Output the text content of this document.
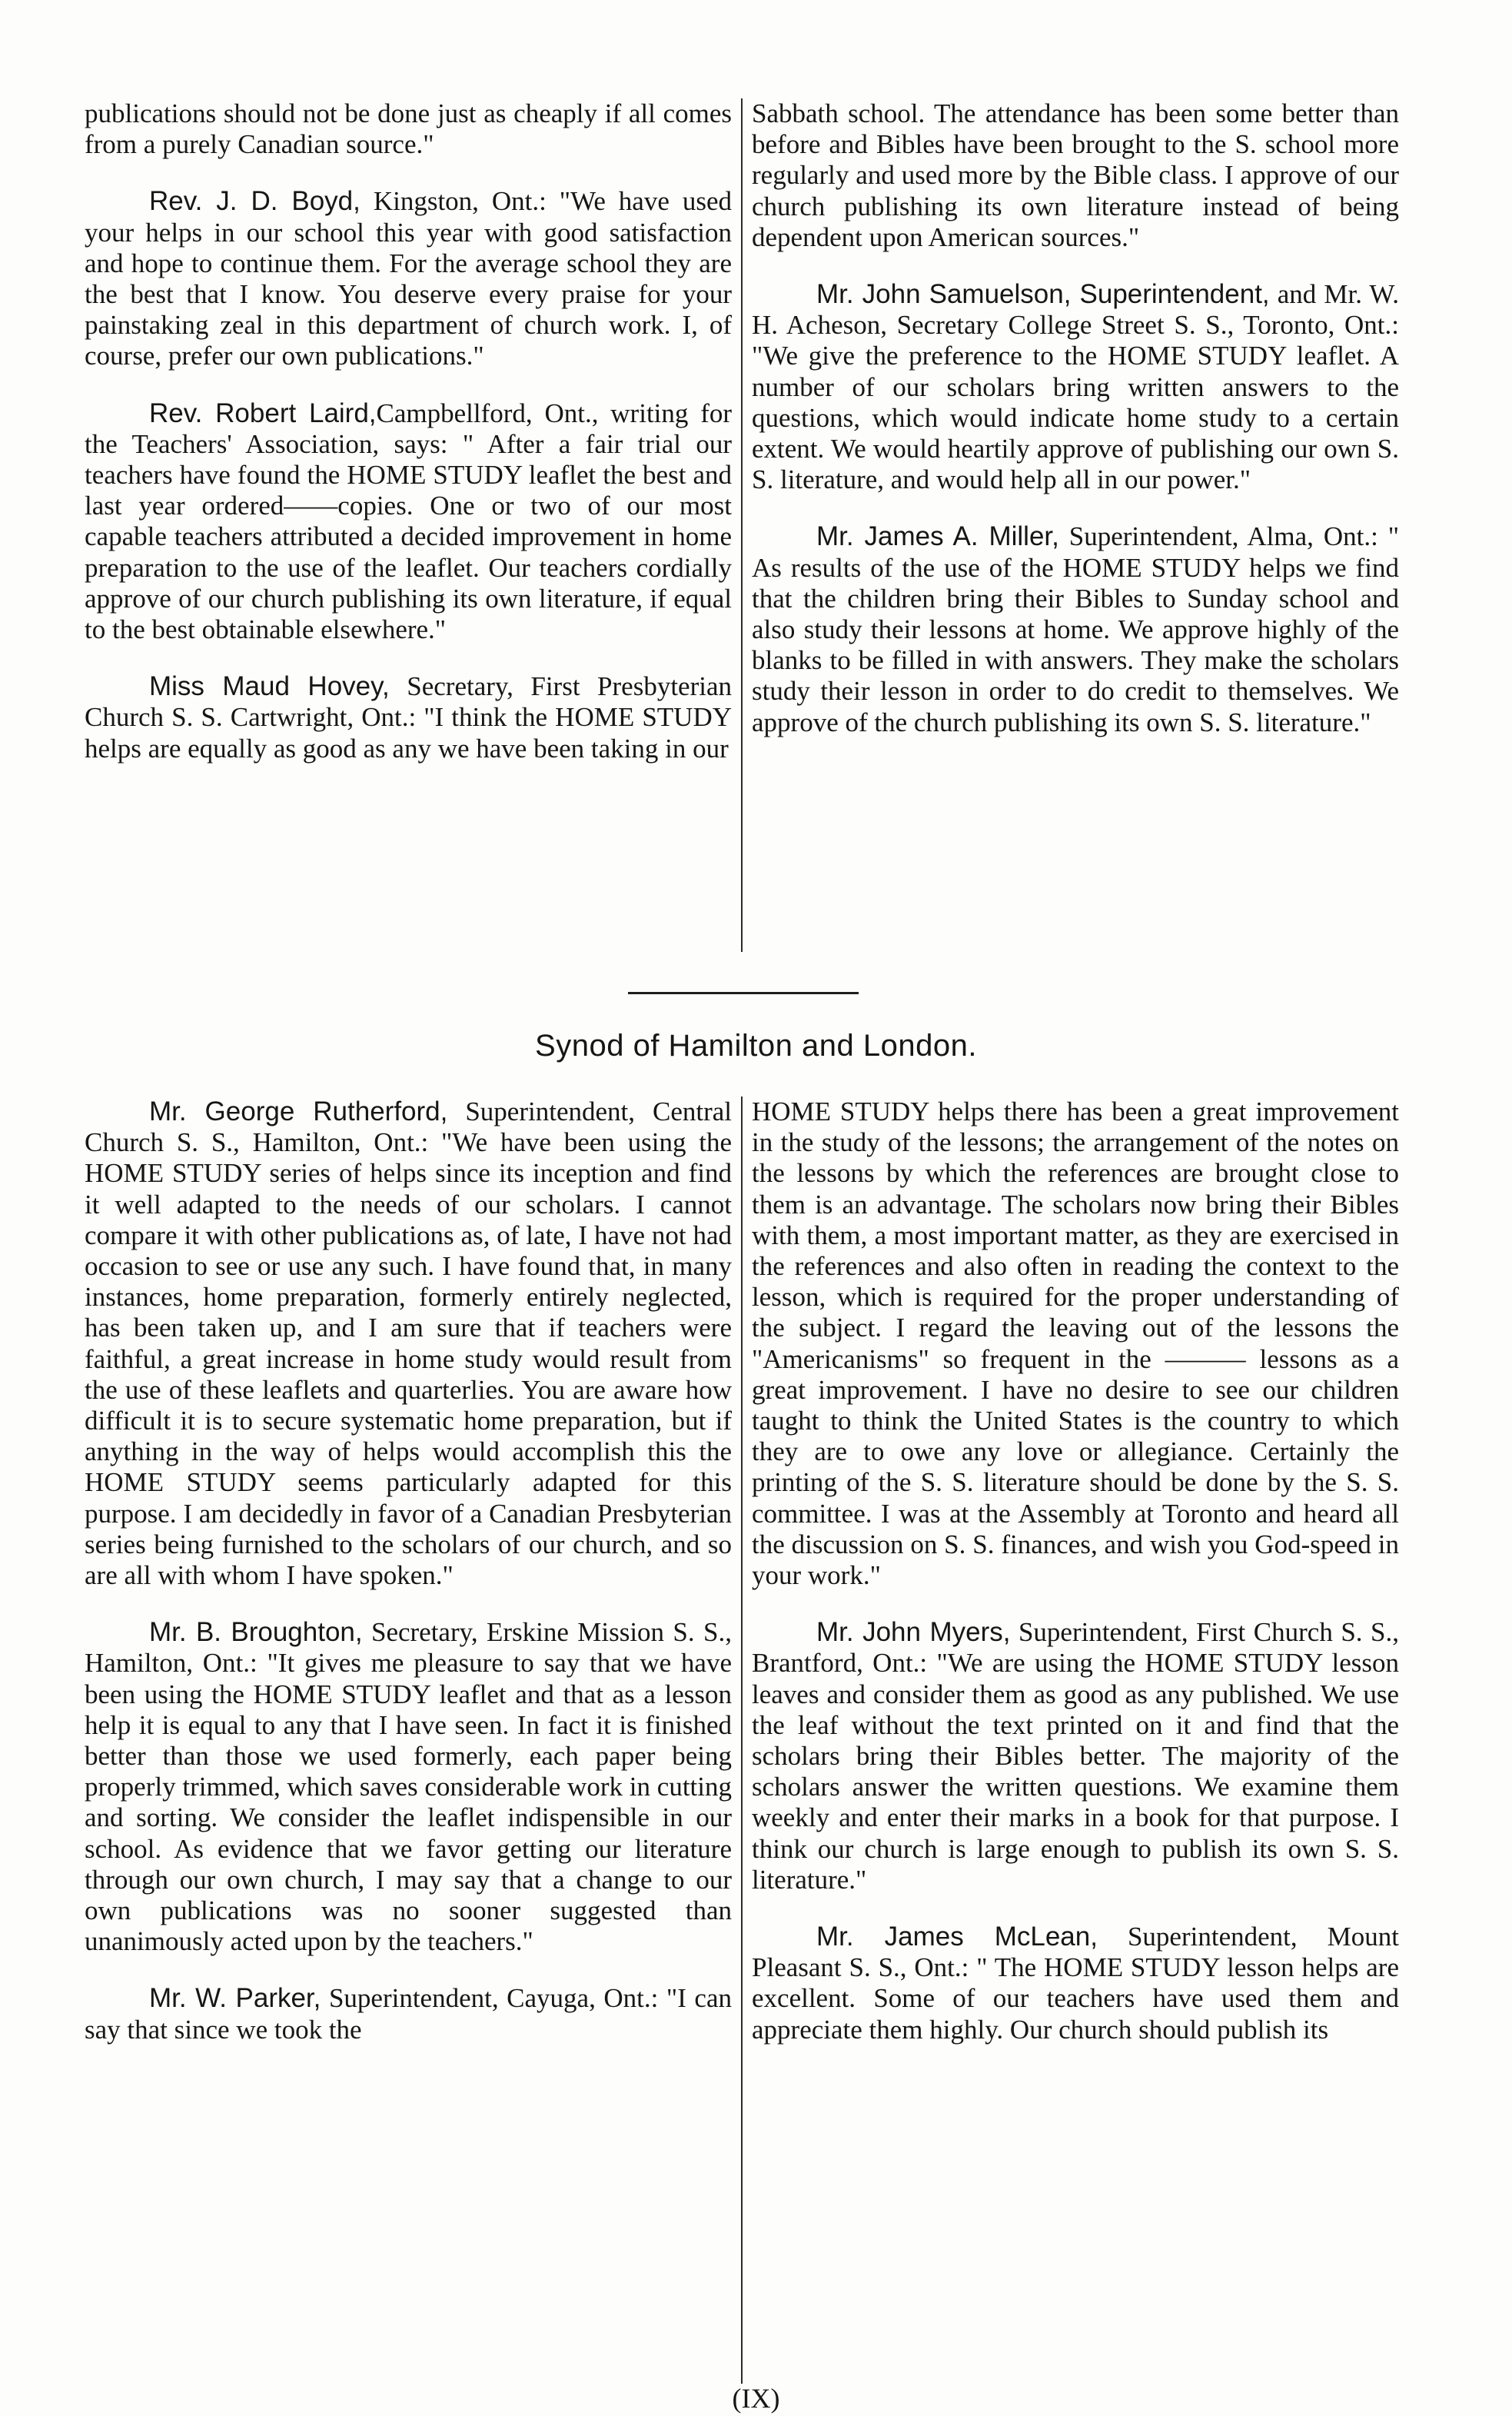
publications should not be done just as cheaply if all comes from a purely Canadian source."

Rev. J. D. Boyd, Kingston, Ont.: "We have used your helps in our school this year with good satisfaction and hope to continue them. For the average school they are the best that I know. You deserve every praise for your painstaking zeal in this department of church work. I, of course, prefer our own publications."

Rev. Robert Laird,Campbellford, Ont., writing for the Teachers' Association, says: " After a fair trial our teachers have found the HOME STUDY leaflet the best and last year ordered——copies. One or two of our most capable teachers attributed a decided improvement in home preparation to the use of the leaflet. Our teachers cordially approve of our church publishing its own literature, if equal to the best obtainable elsewhere."

Miss Maud Hovey, Secretary, First Presbyterian Church S. S. Cartwright, Ont.: "I think the HOME STUDY helps are equally as good as any we have been taking in our

Sabbath school. The attendance has been some better than before and Bibles have been brought to the S. school more regularly and used more by the Bible class. I approve of our church publishing its own literature instead of being dependent upon American sources."

Mr. John Samuelson, Superintendent, and Mr. W. H. Acheson, Secretary College Street S. S., Toronto, Ont.: "We give the preference to the HOME STUDY leaflet. A number of our scholars bring written answers to the questions, which would indicate home study to a certain extent. We would heartily approve of publishing our own S. S. literature, and would help all in our power."

Mr. James A. Miller, Superintendent, Alma, Ont.: " As results of the use of the HOME STUDY helps we find that the children bring their Bibles to Sunday school and also study their lessons at home. We approve highly of the blanks to be filled in with answers. They make the scholars study their lesson in order to do credit to themselves. We approve of the church publishing its own S. S. literature."

Synod of Hamilton and London.

Mr. George Rutherford, Superintendent, Central Church S. S., Hamilton, Ont.: "We have been using the HOME STUDY series of helps since its inception and find it well adapted to the needs of our scholars. I cannot compare it with other publications as, of late, I have not had occasion to see or use any such. I have found that, in many instances, home preparation, formerly entirely neglected, has been taken up, and I am sure that if teachers were faithful, a great increase in home study would result from the use of these leaflets and quarterlies. You are aware how difficult it is to secure systematic home preparation, but if anything in the way of helps would accomplish this the HOME STUDY seems particularly adapted for this purpose. I am decidedly in favor of a Canadian Presbyterian series being furnished to the scholars of our church, and so are all with whom I have spoken."

Mr. B. Broughton, Secretary, Erskine Mission S. S., Hamilton, Ont.: "It gives me pleasure to say that we have been using the HOME STUDY leaflet and that as a lesson help it is equal to any that I have seen. In fact it is finished better than those we used formerly, each paper being properly trimmed, which saves considerable work in cutting and sorting. We consider the leaflet indispensible in our school. As evidence that we favor getting our literature through our own church, I may say that a change to our own publications was no sooner suggested than unanimously acted upon by the teachers."

Mr. W. Parker, Superintendent, Cayuga, Ont.: "I can say that since we took the

HOME STUDY helps there has been a great improvement in the study of the lessons; the arrangement of the notes on the lessons by which the references are brought close to them is an advantage. The scholars now bring their Bibles with them, a most important matter, as they are exercised in the references and also often in reading the context to the lesson, which is required for the proper understanding of the subject. I regard the leaving out of the lessons the "Americanisms" so frequent in the ——— lessons as a great improvement. I have no desire to see our children taught to think the United States is the country to which they are to owe any love or allegiance. Certainly the printing of the S. S. literature should be done by the S. S. committee. I was at the Assembly at Toronto and heard all the discussion on S. S. finances, and wish you God-speed in your work."

Mr. John Myers, Superintendent, First Church S. S., Brantford, Ont.: "We are using the HOME STUDY lesson leaves and consider them as good as any published. We use the leaf without the text printed on it and find that the scholars bring their Bibles better. The majority of the scholars answer the written questions. We examine them weekly and enter their marks in a book for that purpose. I think our church is large enough to publish its own S. S. literature."

Mr. James McLean, Superintendent, Mount Pleasant S. S., Ont.: " The HOME STUDY lesson helps are excellent. Some of our teachers have used them and appreciate them highly. Our church should publish its

(IX)
